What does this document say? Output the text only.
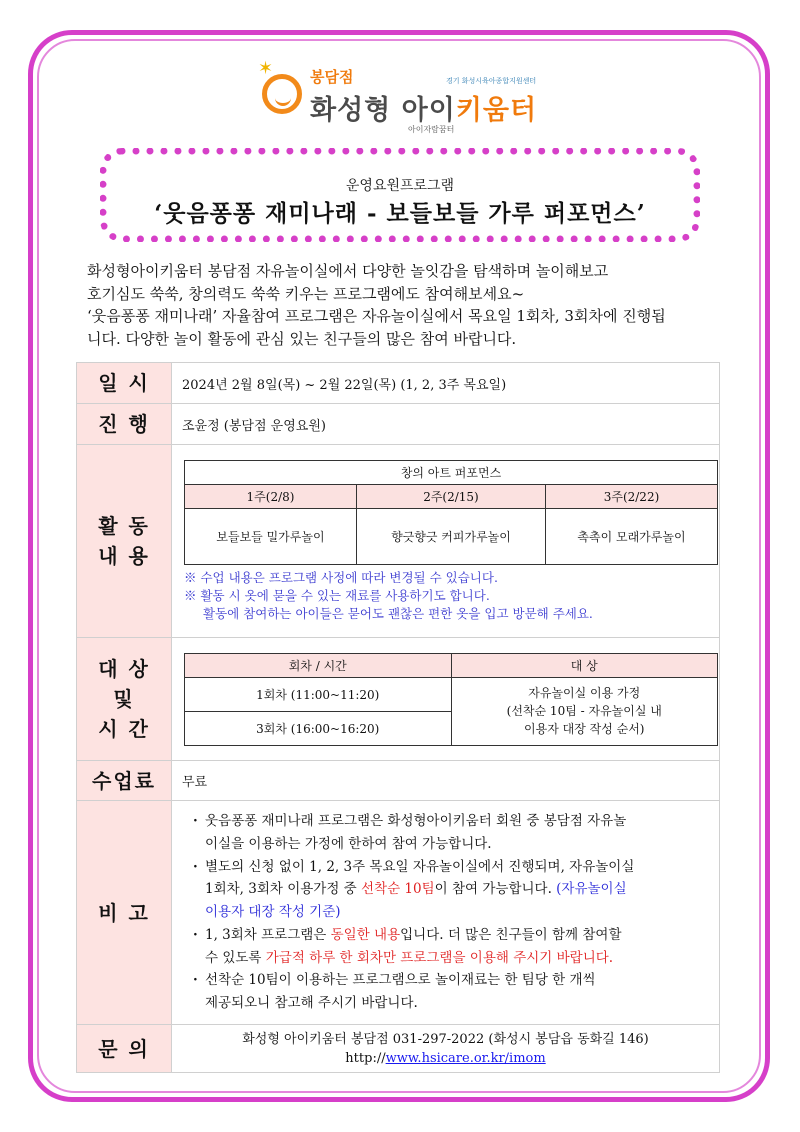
✶ 봉담점	경기 화성시육아종합지원센터
화성형 아이키움터
아이자람꿈터
운영요원프로그램
‘웃음퐁퐁 재미나래 - 보들보들 가루 퍼포먼스’

화성형아이키움터 봉담점 자유놀이실에서 다양한 놀잇감을 탐색하며 놀이해보고

호기심도 쑥쑥, 창의력도 쑥쑥 키우는 프로그램에도 참여해보세요~

‘웃음퐁퐁 재미나래’ 자율참여 프로그램은 자유놀이실에서 목요일 1회차, 3회차에 진행됩

니다. 다양한 놀이 활동에 관심 있는 친구들의 많은 참여 바랍니다.

일 시	2024년 2월 8일(목) ~ 2월 22일(목) (1, 2, 3주 목요일)
진 행	조윤정 (봉담점 운영요원)

활 동
내 용

창의 아트 퍼포먼스
1주(2/8)	2주(2/15)	3주(2/22)
보들보들 밀가루놀이	향긋향긋 커피가루놀이	촉촉이 모래가루놀이
※ 수업 내용은 프로그램 사정에 따라 변경될 수 있습니다.
※ 활동 시 옷에 묻을 수 있는 재료를 사용하기도 합니다.
활동에 참여하는 아이들은 묻어도 괜찮은 편한 옷을 입고 방문해 주세요.

대 상
및
시 간

회차 / 시간	대 상
1회차 (11:00~11:20)	자유놀이실 이용 가정
(선착순 10팀 - 자유놀이실 내
이용자 대장 작성 순서)

3회차 (16:00~16:20)

수업료	무료
비 고	
· 웃음퐁퐁 재미나래 프로그램은 화성형아이키움터 회원 중 봉담점 자유놀
이실을 이용하는 가정에 한하여 참여 가능합니다.
· 별도의 신청 없이 1, 2, 3주 목요일 자유놀이실에서 진행되며, 자유놀이실
1회차, 3회차 이용가정 중 선착순 10팀이 참여 가능합니다. (자유놀이실
이용자 대장 작성 기준)
· 1, 3회차 프로그램은 동일한 내용입니다. 더 많은 친구들이 함께 참여할
수 있도록 가급적 하루 한 회차만 프로그램을 이용해 주시기 바랍니다.
· 선착순 10팀이 이용하는 프로그램으로 놀이재료는 한 팀당 한 개씩
제공되오니 참고해 주시기 바랍니다.

문 의	화성형 아이키움터 봉담점 031-297-2022 (화성시 봉담읍 동화길 146)
http://www.hsicare.or.kr/imom
